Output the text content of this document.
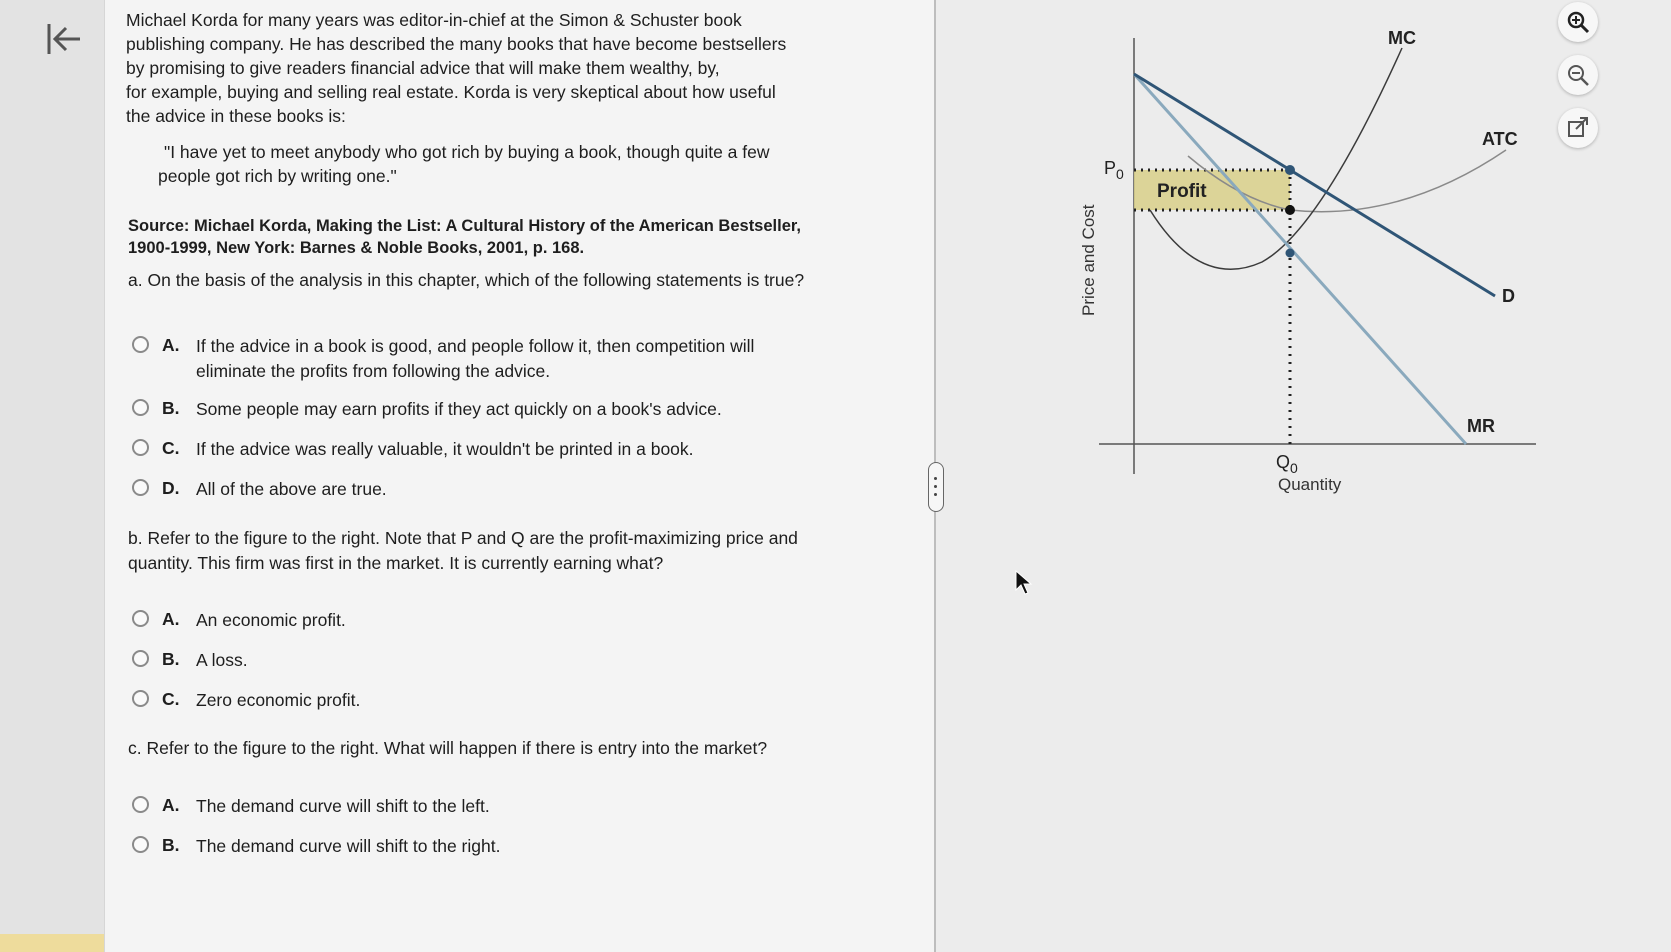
Michael Korda for many years was editor-in-chief at the Simon & Schuster book

publishing company. He has described the many books that have become bestsellers

by promising to give readers financial advice that will make them wealthy, by,

for example, buying and selling real estate. Korda is very skeptical about how useful

the advice in these books is:

"I have yet to meet anybody who got rich by buying a book, though quite a few

people got rich by writing one."

Source: Michael Korda, Making the List: A Cultural History of the American Bestseller,
1900-1999, New York: Barnes & Noble Books, 2001, p. 168.

a. On the basis of the analysis in this chapter, which of the following statements is true?

A. If the advice in a book is good, and people follow it, then competition will
eliminate the profits from following the advice.
B. Some people may earn profits if they act quickly on a book's advice.
C. If the advice was really valuable, it wouldn't be printed in a book.
D. All of the above are true.

b. Refer to the figure to the right. Note that P and Q are the profit-maximizing price and
quantity. This firm was first in the market. It is currently earning what?

A. An economic profit.
B. A loss.
C. Zero economic profit.

c. Refer to the figure to the right. What will happen if there is entry into the market?

A. The demand curve will shift to the left.
B. The demand curve will shift to the right.
Profit
MC
ATC
D
MR
$P_0$
$Q_0$
Quantity
Price and Cost
